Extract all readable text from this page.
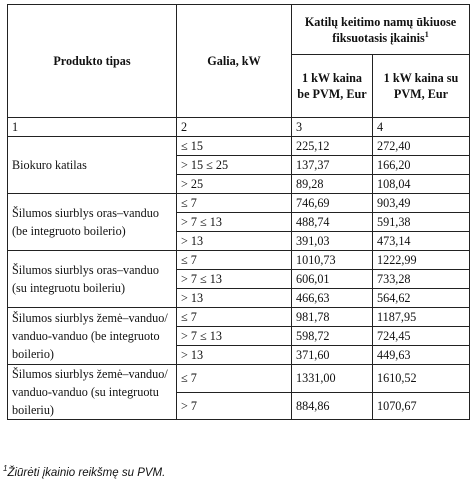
Produkto tipas	Galia, kW	Katilų keitimo namų ūkiuose fiksuotasis įkainis$^1$
		1 kW kaina be PVM, Eur	1 kW kaina su PVM, Eur
1	2	3	4
Biokuro katilas	≤ 15	225,12	272,40
	> 15 ≤ 25	137,37	166,20
	> 25	89,28	108,04
Šilumos siurblys oras–vanduo (be integruoto boilerio)	≤ 7	746,69	903,49
	> 7 ≤ 13	488,74	591,38
	> 13	391,03	473,14
Šilumos siurblys oras–vanduo (su integruotu boileriu)	≤ 7	1010,73	1222,99
	> 7 ≤ 13	606,01	733,28
	> 13	466,63	564,62
Šilumos siurblys žemė–vanduo/ vanduo-vanduo (be integruoto boilerio)	≤ 7	981,78	1187,95
	> 7 ≤ 13	598,72	724,45
	> 13	371,60	449,63
Šilumos siurblys žemė–vanduo/ vanduo-vanduo (su integruotu boileriu)	≤ 7	1331,00	1610,52
	> 7	884,86	1070,67
$^1$Žiūrėti įkainio reikšmę su PVM.
